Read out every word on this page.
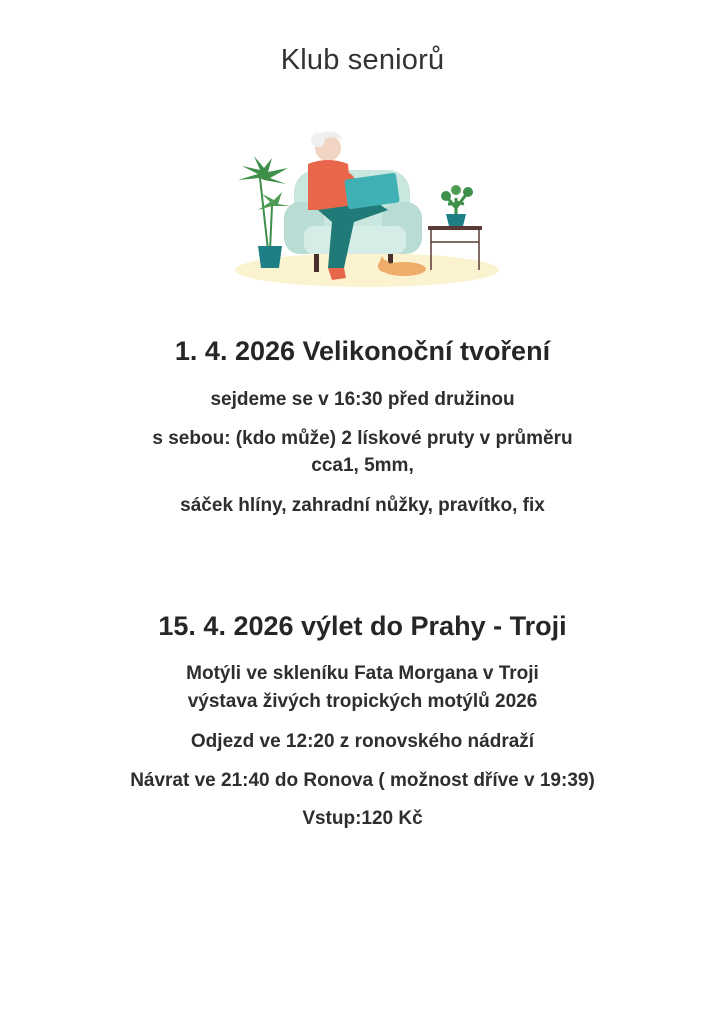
Klub seniorů
1. 4. 2026 Velikonoční tvoření
sejdeme se v 16:30 před družinou
s sebou: (kdo může) 2 lískové pruty v průměru
cca1, 5mm,
sáček hlíny, zahradní nůžky, pravítko, fix
15. 4. 2026 výlet do Prahy - Troji
Motýli ve skleníku Fata Morgana v Troji
výstava živých tropických motýlů 2026
Odjezd ve 12:20 z ronovského nádraží
Návrat ve 21:40 do Ronova ( možnost dříve v 19:39)
Vstup:120 Kč
